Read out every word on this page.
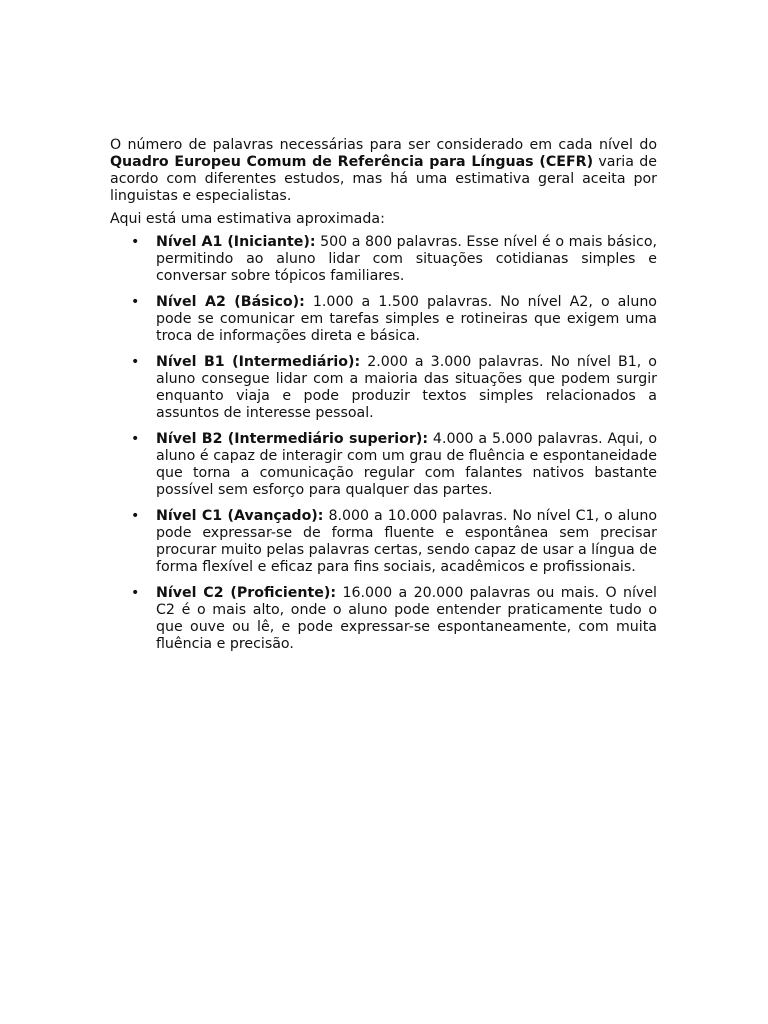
O número de palavras necessárias para ser considerado em cada nível do Quadro Europeu Comum de Referência para Línguas (CEFR) varia de acordo com diferentes estudos, mas há uma estimativa geral aceita por linguistas e especialistas.

Aqui está uma estimativa aproximada:

• Nível A1 (Iniciante): 500 a 800 palavras. Esse nível é o mais básico, permitindo ao aluno lidar com situações cotidianas simples e conversar sobre tópicos familiares.
• Nível A2 (Básico): 1.000 a 1.500 palavras. No nível A2, o aluno pode se comunicar em tarefas simples e rotineiras que exigem uma troca de informações direta e básica.
• Nível B1 (Intermediário): 2.000 a 3.000 palavras. No nível B1, o aluno consegue lidar com a maioria das situações que podem surgir enquanto viaja e pode produzir textos simples relacionados a assuntos de interesse pessoal.
• Nível B2 (Intermediário superior): 4.000 a 5.000 palavras. Aqui, o aluno é capaz de interagir com um grau de fluência e espontaneidade que torna a comunicação regular com falantes nativos bastante possível sem esforço para qualquer das partes.
• Nível C1 (Avançado): 8.000 a 10.000 palavras. No nível C1, o aluno pode expressar-se de forma fluente e espontânea sem precisar procurar muito pelas palavras certas, sendo capaz de usar a língua de forma flexível e eficaz para fins sociais, acadêmicos e profissionais.
• Nível C2 (Proficiente): 16.000 a 20.000 palavras ou mais. O nível C2 é o mais alto, onde o aluno pode entender praticamente tudo o que ouve ou lê, e pode expressar-se espontaneamente, com muita fluência e precisão.
